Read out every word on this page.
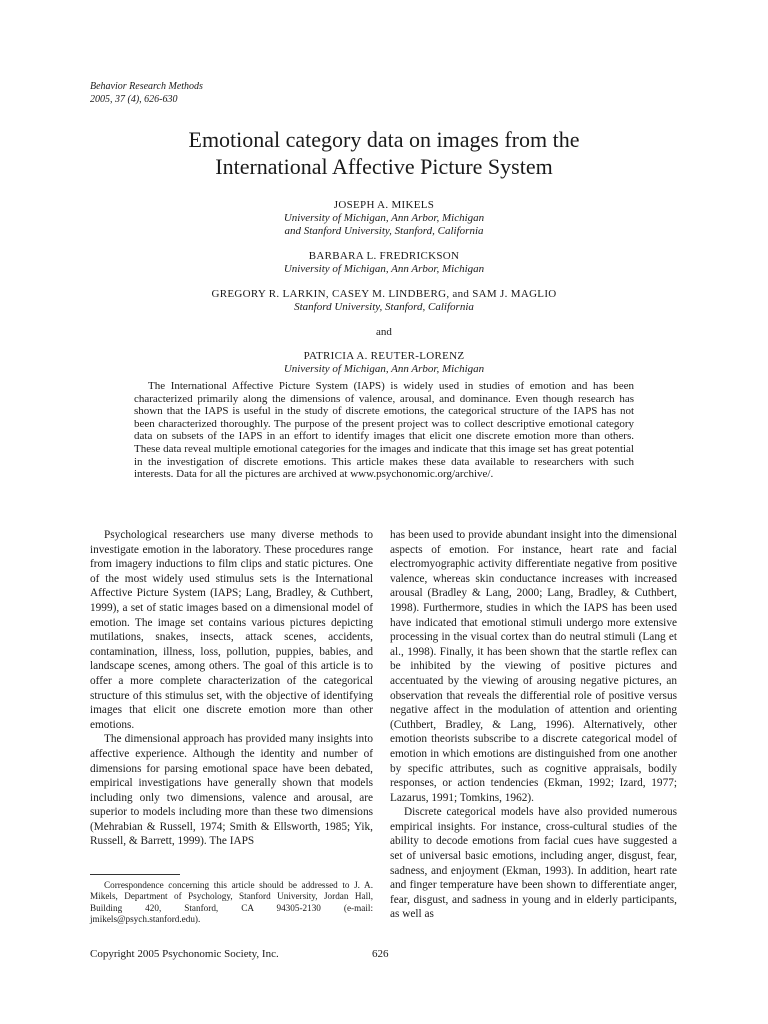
Behavior Research Methods
2005, 37 (4), 626-630
Emotional category data on images from the
International Affective Picture System
JOSEPH A. MIKELS
University of Michigan, Ann Arbor, Michigan
and Stanford University, Stanford, California
BARBARA L. FREDRICKSON
University of Michigan, Ann Arbor, Michigan
GREGORY R. LARKIN, CASEY M. LINDBERG, and SAM J. MAGLIO
Stanford University, Stanford, California
and
PATRICIA A. REUTER-LORENZ
University of Michigan, Ann Arbor, Michigan

The International Affective Picture System (IAPS) is widely used in studies of emotion and has been characterized primarily along the dimensions of valence, arousal, and dominance. Even though research has shown that the IAPS is useful in the study of discrete emotions, the categorical structure of the IAPS has not been characterized thoroughly. The purpose of the present project was to collect descriptive emotional category data on subsets of the IAPS in an effort to identify images that elicit one discrete emotion more than others. These data reveal multiple emotional categories for the images and indicate that this image set has great potential in the investigation of discrete emotions. This article makes these data available to researchers with such interests. Data for all the pictures are archived at www.psychonomic.org/archive/.

Psychological researchers use many diverse methods to investigate emotion in the laboratory. These procedures range from imagery inductions to film clips and static pictures. One of the most widely used stimulus sets is the International Affective Picture System (IAPS; Lang, Bradley, & Cuthbert, 1999), a set of static images based on a dimensional model of emotion. The image set contains various pictures depicting mutilations, snakes, insects, attack scenes, accidents, contamination, illness, loss, pollution, puppies, babies, and landscape scenes, among others. The goal of this article is to offer a more complete characterization of the categorical structure of this stimulus set, with the objective of identifying images that elicit one discrete emotion more than other emotions.

The dimensional approach has provided many insights into affective experience. Although the identity and number of dimensions for parsing emotional space have been debated, empirical investigations have generally shown that models including only two dimensions, valence and arousal, are superior to models including more than these two dimensions (Mehrabian & Russell, 1974; Smith & Ellsworth, 1985; Yik, Russell, & Barrett, 1999). The IAPS

has been used to provide abundant insight into the dimensional aspects of emotion. For instance, heart rate and facial electromyographic activity differentiate negative from positive valence, whereas skin conductance increases with increased arousal (Bradley & Lang, 2000; Lang, Bradley, & Cuthbert, 1998). Furthermore, studies in which the IAPS has been used have indicated that emotional stimuli undergo more extensive processing in the visual cortex than do neutral stimuli (Lang et al., 1998). Finally, it has been shown that the startle reflex can be inhibited by the viewing of positive pictures and accentuated by the viewing of arousing negative pictures, an observation that reveals the differential role of positive versus negative affect in the modulation of attention and orienting (Cuthbert, Bradley, & Lang, 1996). Alternatively, other emotion theorists subscribe to a discrete categorical model of emotion in which emotions are distinguished from one another by specific attributes, such as cognitive appraisals, bodily responses, or action tendencies (Ekman, 1992; Izard, 1977; Lazarus, 1991; Tomkins, 1962).

Discrete categorical models have also provided numerous empirical insights. For instance, cross-cultural studies of the ability to decode emotions from facial cues have suggested a set of universal basic emotions, including anger, disgust, fear, sadness, and enjoyment (Ekman, 1993). In addition, heart rate and finger temperature have been shown to differentiate anger, fear, disgust, and sadness in young and in elderly participants, as well as

Correspondence concerning this article should be addressed to J. A. Mikels, Department of Psychology, Stanford University, Jordan Hall, Building 420, Stanford, CA 94305-2130 (e-mail: jmikels@psych.stanford.edu).

Copyright 2005 Psychonomic Society, Inc.	626
